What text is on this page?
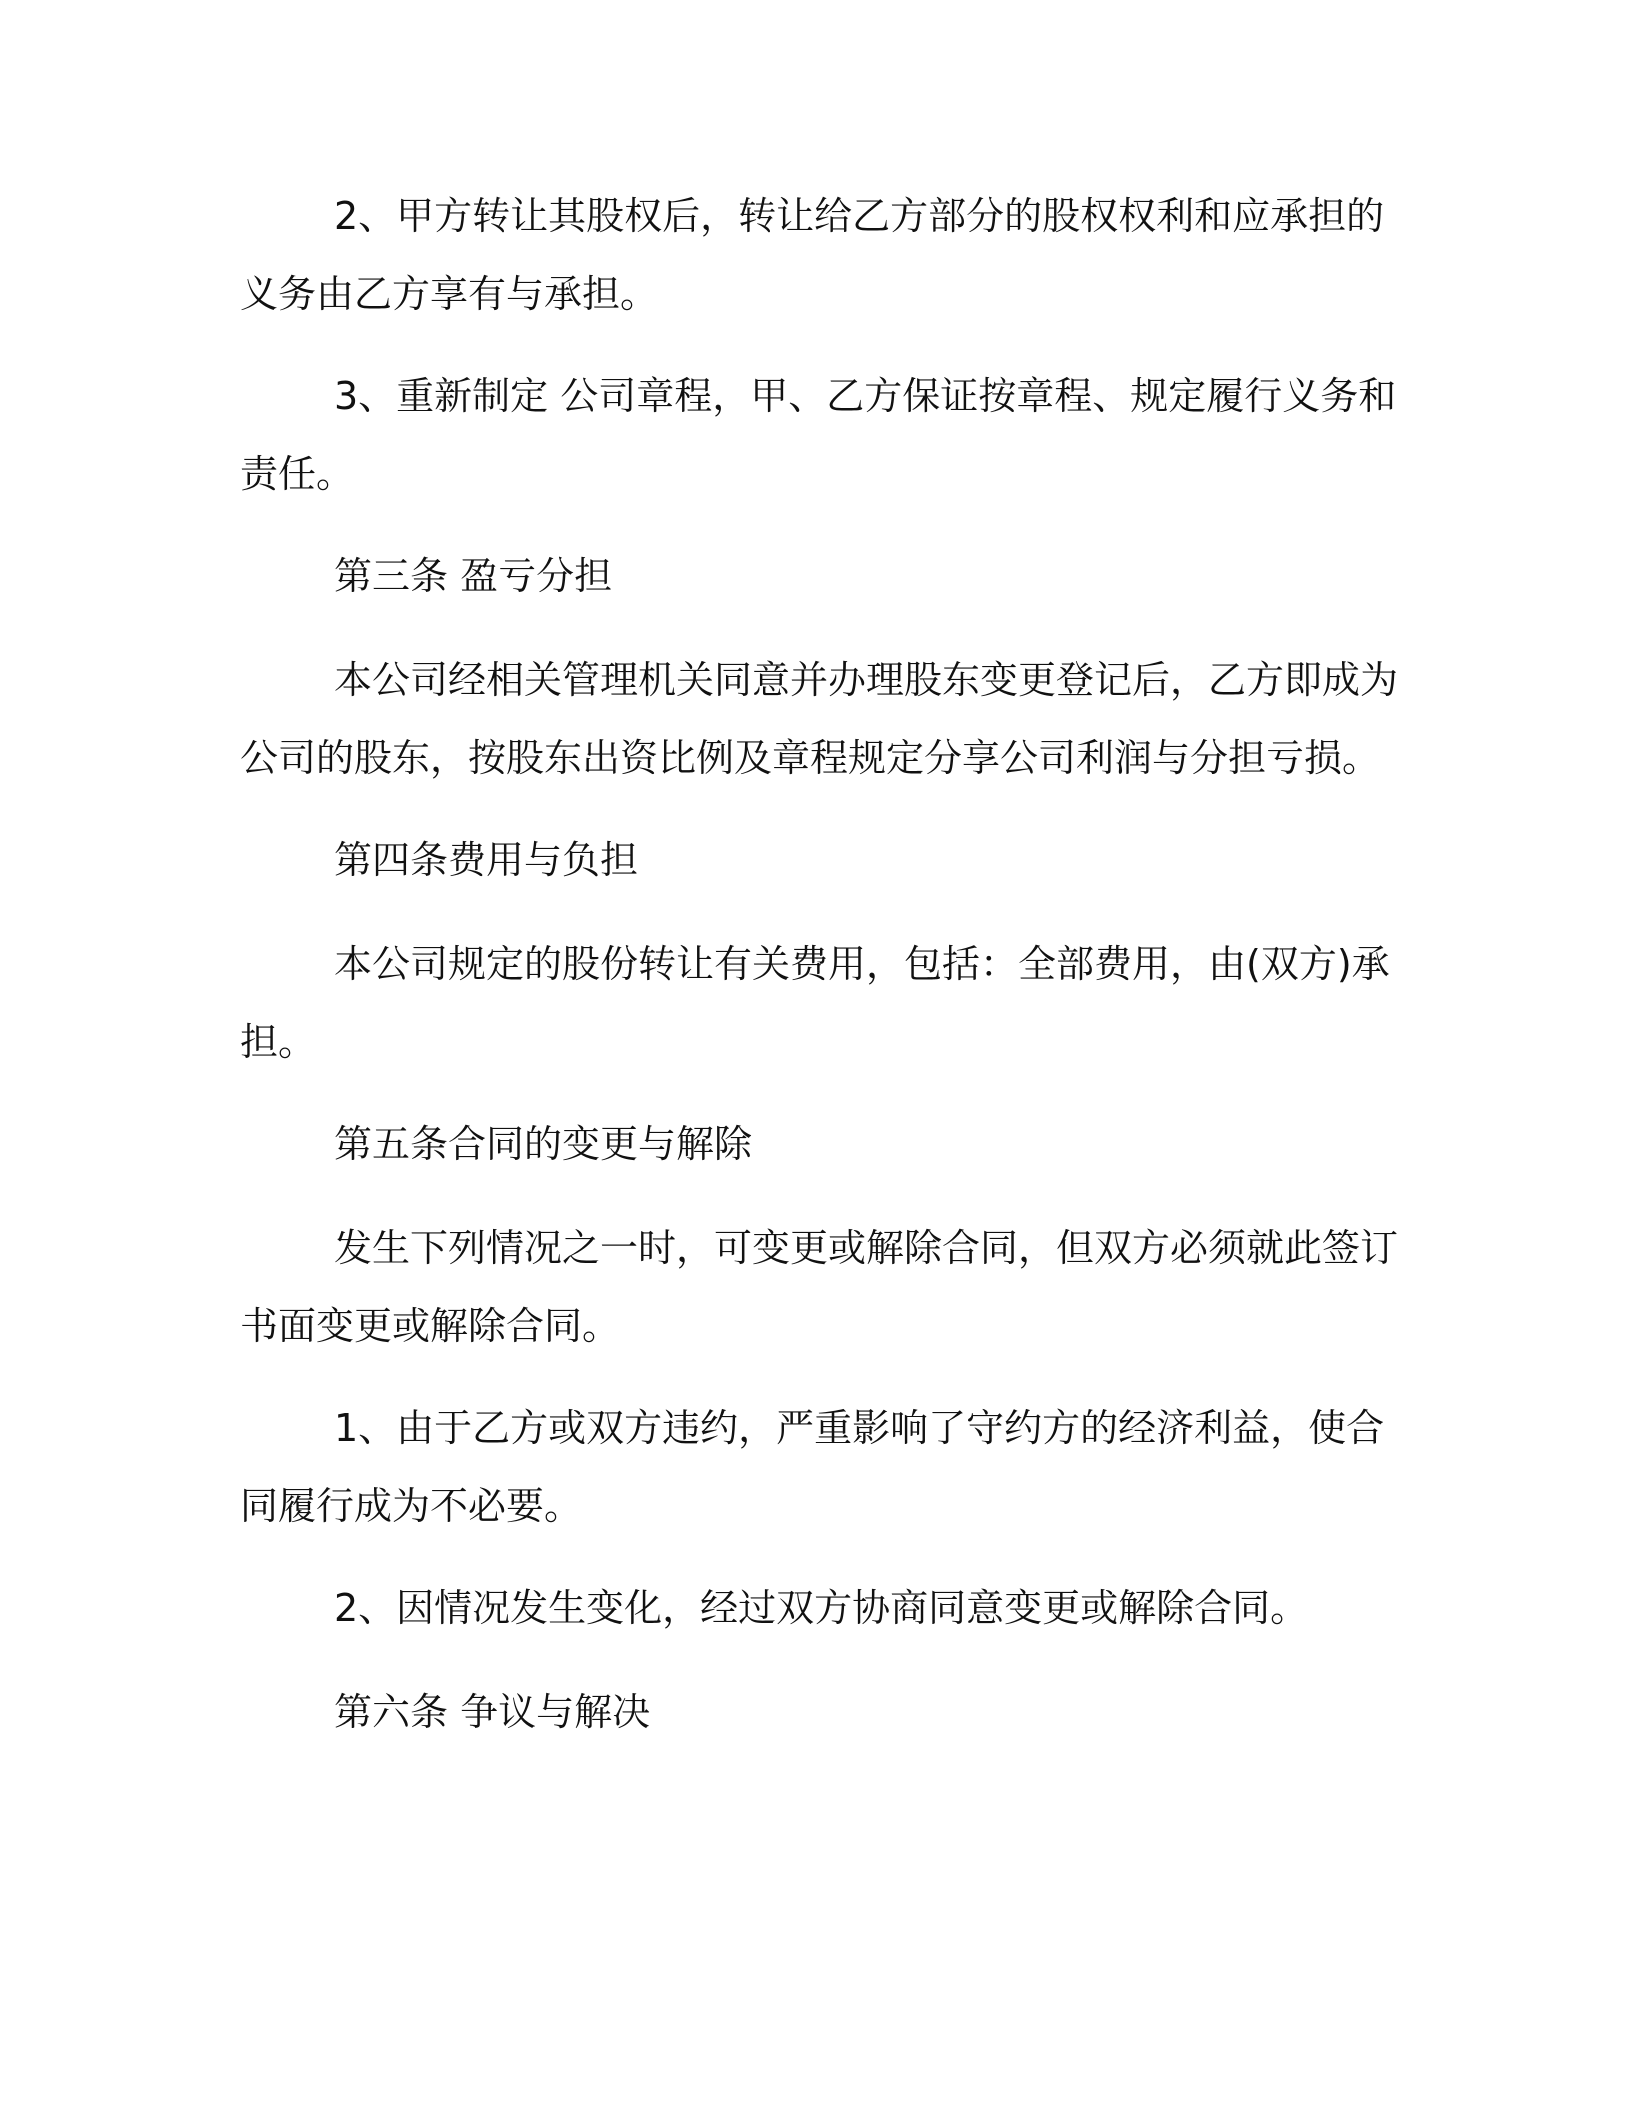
2、甲方转让其股权后，转让给乙方部分的股权权利和应承担的
义务由乙方享有与承担。
3、重新制定 公司章程，甲、乙方保证按章程、规定履行义务和
责任。
第三条 盈亏分担
本公司经相关管理机关同意并办理股东变更登记后，乙方即成为
公司的股东，按股东出资比例及章程规定分享公司利润与分担亏损。
第四条费用与负担
本公司规定的股份转让有关费用，包括：全部费用，由(双方)承
担。
第五条合同的变更与解除
发生下列情况之一时，可变更或解除合同，但双方必须就此签订
书面变更或解除合同。
1、由于乙方或双方违约，严重影响了守约方的经济利益，使合
同履行成为不必要。
2、因情况发生变化，经过双方协商同意变更或解除合同。
第六条 争议与解决
